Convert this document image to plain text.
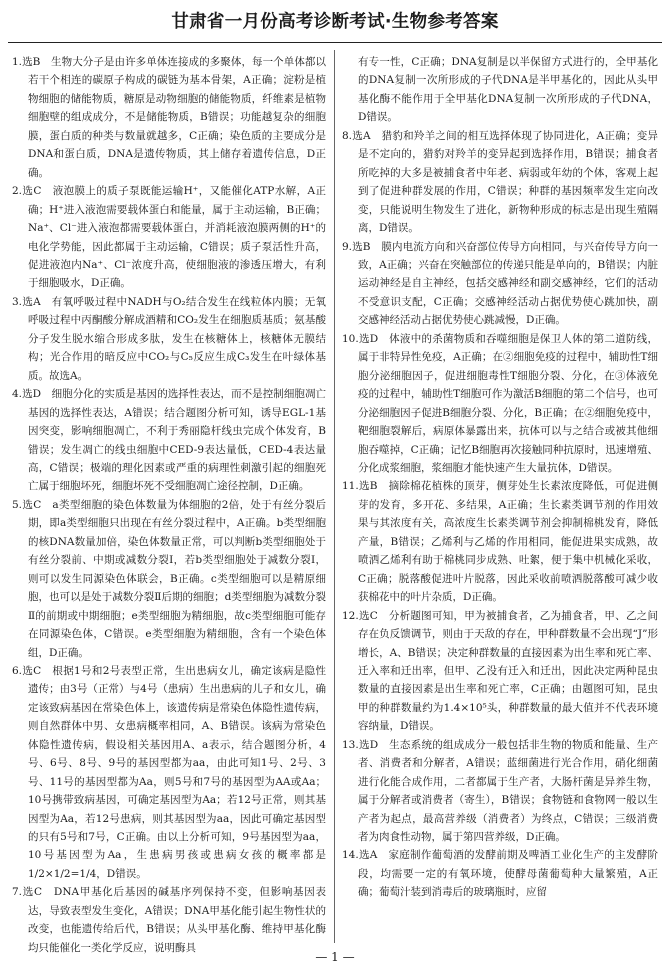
甘肃省一月份高考诊断考试·生物参考答案

1.选B　生物大分子是由许多单体连接成的多聚体，每一个单体都以若干个相连的碳原子构成的碳链为基本骨架，A正确；淀粉是植物细胞的储能物质，糖原是动物细胞的储能物质，纤维素是植物细胞壁的组成成分，不是储能物质，B错误；功能越复杂的细胞膜，蛋白质的种类与数量就越多，C正确；染色质的主要成分是DNA和蛋白质，DNA是遗传物质，其上储存着遗传信息，D正确。

2.选C　液泡膜上的质子泵既能运输H⁺，又能催化ATP水解，A正确；H⁺进入液泡需要载体蛋白和能量，属于主动运输，B正确；Na⁺、Cl⁻进入液泡都需要载体蛋白，并消耗液泡膜两侧的H⁺的电化学势能，因此都属于主动运输，C错误；质子泵活性升高，促进液泡内Na⁺、Cl⁻浓度升高，使细胞液的渗透压增大，有利于细胞吸水，D正确。

3.选A　有氧呼吸过程中NADH与O₂结合发生在线粒体内膜；无氧呼吸过程中丙酮酸分解成酒精和CO₂发生在细胞质基质；氨基酸分子发生脱水缩合形成多肽，发生在核糖体上，核糖体无膜结构；光合作用的暗反应中CO₂与C₅反应生成C₃发生在叶绿体基质。故选A。

4.选D　细胞分化的实质是基因的选择性表达，而不是控制细胞凋亡基因的选择性表达，A错误；结合题图分析可知，诱导EGL-1基因突变，影响细胞凋亡，不利于秀丽隐杆线虫完成个体发育，B错误；发生凋亡的线虫细胞中CED-9表达量低，CED-4表达量高，C错误；极端的理化因素或严重的病理性刺激引起的细胞死亡属于细胞坏死，细胞坏死不受细胞凋亡途径控制，D正确。

5.选C　a类型细胞的染色体数量为体细胞的2倍，处于有丝分裂后期，即a类型细胞只出现在有丝分裂过程中，A正确。b类型细胞的核DNA数量加倍，染色体数量正常，可以判断b类型细胞处于有丝分裂前、中期或减数分裂Ⅰ，若b类型细胞处于减数分裂Ⅰ，则可以发生同源染色体联会，B正确。c类型细胞可以是精原细胞，也可以是处于减数分裂Ⅱ后期的细胞；d类型细胞为减数分裂Ⅱ的前期或中期细胞；e类型细胞为精细胞，故c类型细胞可能存在同源染色体，C错误。e类型细胞为精细胞，含有一个染色体组，D正确。

6.选C　根据1号和2号表型正常，生出患病女儿，确定该病是隐性遗传；由3号（正常）与4号（患病）生出患病的儿子和女儿，确定该致病基因在常染色体上，该遗传病是常染色体隐性遗传病，则自然群体中男、女患病概率相同，A、B错误。该病为常染色体隐性遗传病，假设相关基因用A、a表示，结合题图分析，4号、6号、8号、9号的基因型都为aa，由此可知1号、2号、3号、11号的基因型都为Aa，则5号和7号的基因型为AA或Aa；10号携带致病基因，可确定基因型为Aa；若12号正常，则其基因型为Aa，若12号患病，则其基因型为aa，因此可确定基因型的只有5号和7号，C正确。由以上分析可知，9号基因型为aa，10号基因型为Aa，生患病男孩或患病女孩的概率都是1/2×1/2=1/4，D错误。

7.选C　DNA甲基化后基因的碱基序列保持不变，但影响基因表达，导致表型发生变化，A错误；DNA甲基化能引起生物性状的改变，也能遗传给后代，B错误；从头甲基化酶、维持甲基化酶均只能催化一类化学反应，说明酶具

有专一性，C正确；DNA复制是以半保留方式进行的，全甲基化的DNA复制一次所形成的子代DNA是半甲基化的，因此从头甲基化酶不能作用于全甲基化DNA复制一次所形成的子代DNA，D错误。

8.选A　猎豹和羚羊之间的相互选择体现了协同进化，A正确；变异是不定向的，猎豹对羚羊的变异起到选择作用，B错误；捕食者所吃掉的大多是被捕食者中年老、病弱或年幼的个体，客观上起到了促进种群发展的作用，C错误；种群的基因频率发生定向改变，只能说明生物发生了进化，新物种形成的标志是出现生殖隔离，D错误。

9.选B　膜内电流方向和兴奋部位传导方向相同，与兴奋传导方向一致，A正确；兴奋在突触部位的传递只能是单向的，B错误；内脏运动神经是自主神经，包括交感神经和副交感神经，它们的活动不受意识支配，C正确；交感神经活动占据优势使心跳加快，副交感神经活动占据优势使心跳减慢，D正确。

10.选D　体液中的杀菌物质和吞噬细胞是保卫人体的第二道防线，属于非特异性免疫，A正确；在②细胞免疫的过程中，辅助性T细胞分泌细胞因子，促进细胞毒性T细胞分裂、分化，在③体液免疫的过程中，辅助性T细胞可作为激活B细胞的第二个信号，也可分泌细胞因子促进B细胞分裂、分化，B正确；在②细胞免疫中，靶细胞裂解后，病原体暴露出来，抗体可以与之结合或被其他细胞吞噬掉，C正确；记忆B细胞再次接触同种抗原时，迅速增殖、分化成浆细胞，浆细胞才能快速产生大量抗体，D错误。

11.选B　摘除棉花植株的顶芽，侧芽处生长素浓度降低，可促进侧芽的发育，多开花、多结果，A正确；生长素类调节剂的作用效果与其浓度有关，高浓度生长素类调节剂会抑制棉桃发育，降低产量，B错误；乙烯利与乙烯的作用相同，能促进果实成熟，故喷洒乙烯利有助于棉桃同步成熟、吐絮，便于集中机械化采收，C正确；脱落酸促进叶片脱落，因此采收前喷洒脱落酸可减少收获棉花中的叶片杂质，D正确。

12.选C　分析题图可知，甲为被捕食者，乙为捕食者，甲、乙之间存在负反馈调节，则由于天敌的存在，甲种群数量不会出现“J”形增长，A、B错误；决定种群数量的直接因素为出生率和死亡率、迁入率和迁出率，但甲、乙没有迁入和迁出，因此决定两种昆虫数量的直接因素是出生率和死亡率，C正确；由题图可知，昆虫甲的种群数量约为1.4×10⁵头，种群数量的最大值并不代表环境容纳量，D错误。

13.选D　生态系统的组成成分一般包括非生物的物质和能量、生产者、消费者和分解者，A错误；蓝细菌进行光合作用，硝化细菌进行化能合成作用，二者都属于生产者，大肠杆菌是异养生物，属于分解者或消费者（寄生），B错误；食物链和食物网一般以生产者为起点，最高营养级（消费者）为终点，C错误；三级消费者为肉食性动物，属于第四营养级，D正确。

14.选A　家庭制作葡萄酒的发酵前期及啤酒工业化生产的主发酵阶段，均需要一定的有氧环境，使酵母菌葡萄种大量繁殖，A正确；葡萄汁装到消毒后的玻璃瓶时，应留

— 1 —
